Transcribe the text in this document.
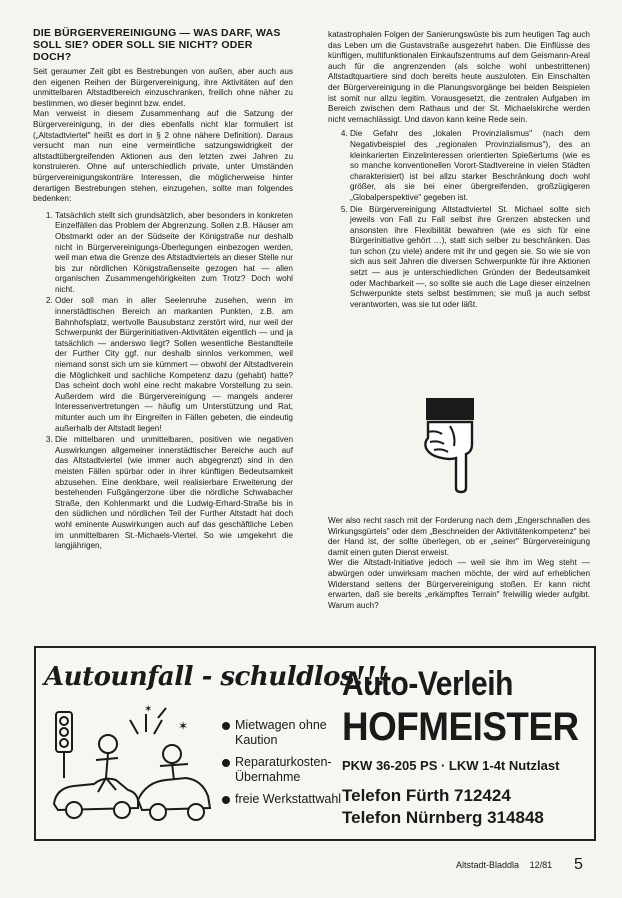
DIE BÜRGERVEREINIGUNG — WAS DARF, WAS SOLL SIE? ODER SOLL SIE NICHT? ODER DOCH?

Seit geraumer Zeit gibt es Bestrebungen von außen, aber auch aus den eigenen Reihen der Bürgervereinigung, ihre Aktivitäten auf den unmittelbaren Altstadtbereich einzuschranken, freilich ohne näher zu bestimmen, wo dieser beginnt bzw. endet.

Man verweist in diesem Zusammenhang auf die Satzung der Bürgervereinigung, in der dies ebenfalls nicht klar formuliert ist („Altstadtviertel" heißt es dort in § 2 ohne nähere Definition). Daraus versucht man nun eine vermeintliche satzungswidrigkeit der altstadtübergreifenden Aktionen aus den letzten zwei Jahren zu konstruieren. Ohne auf unterschiedlich private, unter Umständen bürgervereinigungskonträre Interessen, die möglicherweise hinter derartigen Bestrebungen stehen, einzugehen, sollte man folgendes bedenken:

1. Tatsächlich stellt sich grundsätzlich, aber besonders in konkreten Einzelfällen das Problem der Abgrenzung. Sollen z.B. Häuser am Obstmarkt oder an der Südseite der Königstraße nur deshalb nicht in Bürgervereinigungs-Überlegungen einbezogen werden, weil man etwa die Grenze des Altstadtviertels an dieser Stelle nur bis zur nördlichen Königstraßenseite gezogen hat — allen organischen Zusammengehörigkeiten zum Trotz? Doch wohl nicht.
2. Oder soll man in aller Seelenruhe zusehen, wenn im innerstädtischen Bereich an markanten Punkten, z.B. am Bahnhofsplatz, wertvolle Bausubstanz zerstört wird, nur weil der Schwerpunkt der Bürgerinitiativen-Aktivitäten eigentlich — und ja tatsächlich — anderswo liegt? Sollen wesentliche Bestandteile der Further City ggf. nur deshalb sinnlos verkommen, weil niemand sonst sich um sie kümmert — obwohl der Altstadtverein die Möglichkeit und sachliche Kompetenz dazu (gehabt) hatte? Das scheint doch wohl eine recht makabre Vorstellung zu sein. Außerdem wird die Bürgervereinigung — mangels anderer Interessenvertretungen — häufig um Unterstützung und Rat, mitunter auch um ihr Eingreifen in Fällen gebeten, die eindeutig außerhalb der Altstadt liegen!
3. Die mittelbaren und unmittelbaren, positiven wie negativen Auswirkungen allgemeiner innerstädtischer Bereiche auch auf das Altstadtviertel (wie immer auch abgegrenzt) sind in den meisten Fällen spürbar oder in ihrer künftigen Bedeutsamkeit abzusehen. Eine denkbare, weil realisierbare Erweiterung der bestehenden Fußgängerzone über die nördliche Schwabacher Straße, den Kohlenmarkt und die Ludwig-Erhard-Straße bis in den südlichen und nördlichen Teil der Further Altstadt hat doch wohl eminente Auswirkungen auch auf das geschäftliche Leben im unmittelbaren St.-Michaels-Viertel. So wie umgekehrt die langjährigen,

katastrophalen Folgen der Sanierungswüste bis zum heutigen Tag auch das Leben um die Gustavstraße ausgezehrt haben. Die Einflüsse des künftigen, multifunktionalen Einkaufszentrums auf dem Geismann-Areal auch für die angrenzenden (als solche wohl unbestrittenen) Altstadtquartiere sind doch bereits heute auszuloten. Ein Einschalten der Bürgervereinigung in die Planungsvorgänge bei beiden Beispielen ist somit nur allzu legitim. Vorausgesetzt, die zentralen Aufgaben im Bereich zwischen dem Rathaus und der St. Michaelskirche werden nicht vernachlässigt. Und davon kann keine Rede sein.

4. Die Gefahr des „lokalen Provinzialismus" (nach dem Negativbeispiel des „regionalen Provinzialismus"), des an kleinkarierten Einzelinteressen orientierten Spießertums (wie es so manche konventionellen Vorort-Stadtvereine in vielen Städten charakterisiert) ist bei allzu starker Beschränkung doch wohl größer, als sie bei einer übergreifenden, großzügigeren „Globalperspektive" gegeben ist.
5. Die Bürgervereinigung Altstadtviertel St. Michael sollte sich jeweils von Fall zu Fall selbst ihre Grenzen abstecken und ansonsten ihre Flexibilität bewahren (wie es sich für eine Bürgerinitiative gehört …), statt sich selber zu beschränken. Das tun schon (zu viele) andere mit ihr und gegen sie. So wie sie von sich aus seit Jahren die diversen Schwerpunkte für ihre Aktionen setzt — aus je unterschiedlichen Gründen der Bedeutsamkeit oder Machbarkeit —, so sollte sie auch die Lage dieser einzelnen Schwerpunkte stets selbst bestimmen; sie muß ja auch selbst verantworten, was sie tut oder läßt.

Wer also recht rasch mit der Forderung nach dem „Engerschnallen des Wirkungsgürtels" oder dem „Beschneiden der Aktivitätenkompetenz" bei der Hand ist, der sollte überlegen, ob er „seiner" Bürgervereinigung damit einen guten Dienst erweist.

Wer die Altstadt-Initiative jedoch — weil sie ihm im Weg steht — abwürgen oder unwirksam machen möchte, der wird auf erheblichen Widerstand seitens der Bürgervereinigung stoßen. Er kann nicht erwarten, daß sie bereits „erkämpftes Terrain" freiwillig wieder aufgibt. Warum auch?

Autounfall - schuldlos!!!
✶
✶	Mietwagen ohne Kaution
Reparaturkosten-Übernahme
freie Werkstattwahl
Auto-Verleih
HOFMEISTER
PKW 36-205 PS · LKW 1-4t Nutzlast
Telefon Fürth 712424
Telefon Nürnberg 314848
Altstadt-Bladdla 12/81 5
